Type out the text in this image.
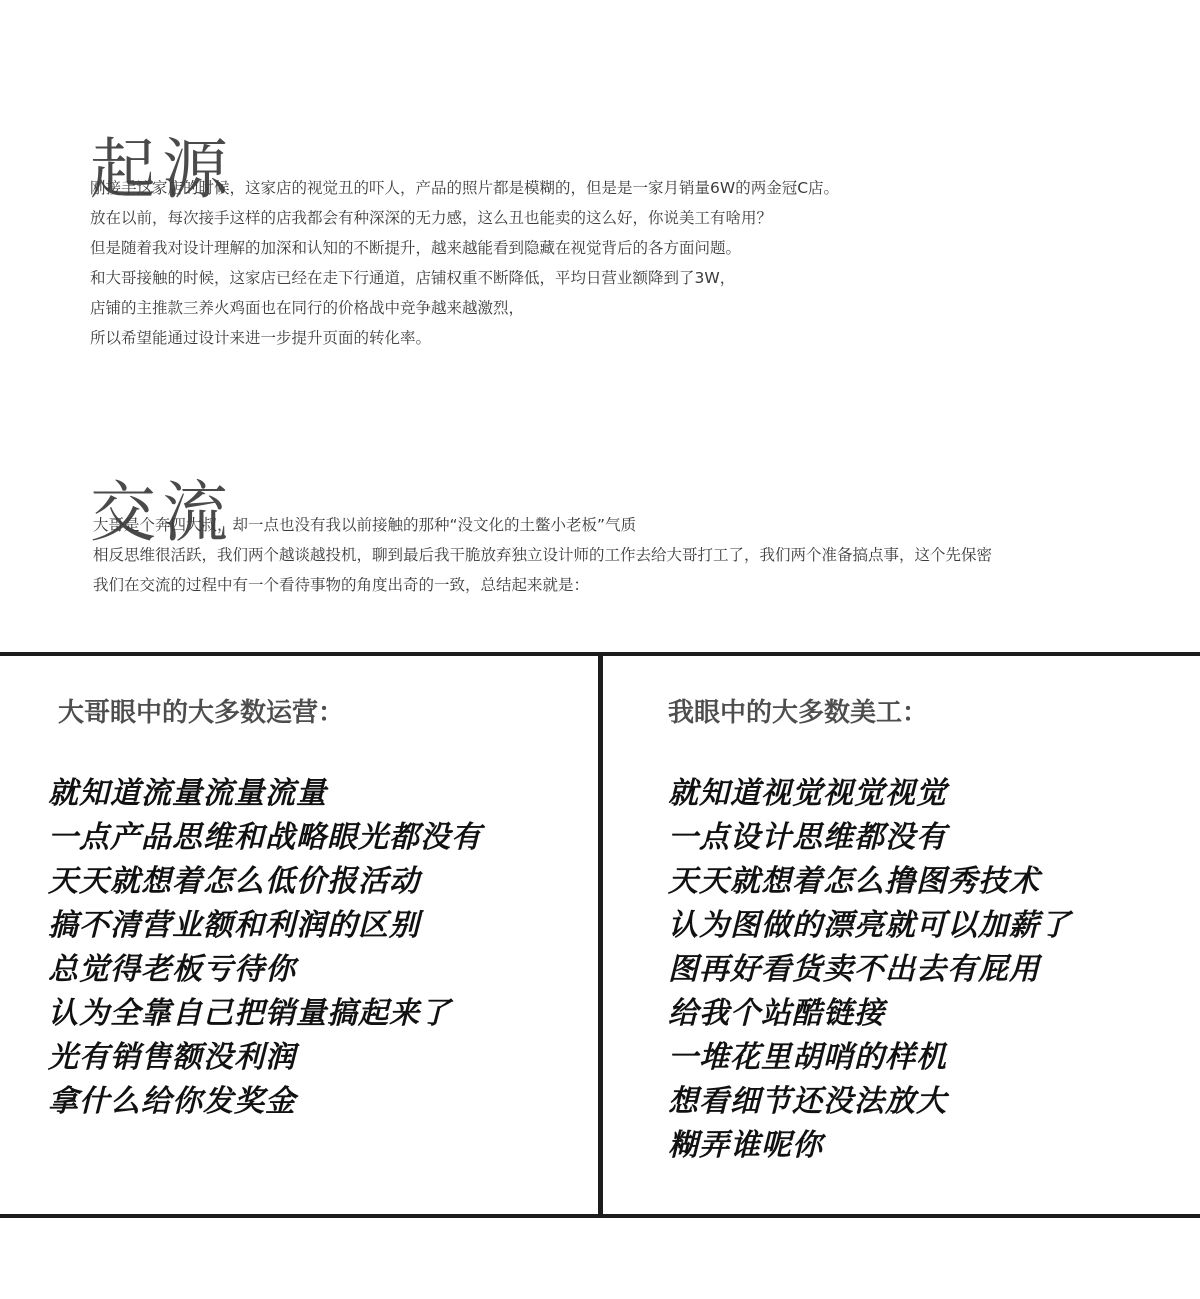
起源
刚接手这家店的时候，这家店的视觉丑的吓人，产品的照片都是模糊的，但是是一家月销量6W的两金冠C店。
放在以前，每次接手这样的店我都会有种深深的无力感，这么丑也能卖的这么好，你说美工有啥用？
但是随着我对设计理解的加深和认知的不断提升，越来越能看到隐藏在视觉背后的各方面问题。
和大哥接触的时候，这家店已经在走下行通道，店铺权重不断降低，平均日营业额降到了3W，
店铺的主推款三养火鸡面也在同行的价格战中竞争越来越激烈，
所以希望能通过设计来进一步提升页面的转化率。
交流
大哥是个奔四大叔，却一点也没有我以前接触的那种“没文化的土鳖小老板”气质
相反思维很活跃，我们两个越谈越投机，聊到最后我干脆放弃独立设计师的工作去给大哥打工了，我们两个准备搞点事，这个先保密
我们在交流的过程中有一个看待事物的角度出奇的一致，总结起来就是：
大哥眼中的大多数运营：
就知道流量流量流量
一点产品思维和战略眼光都没有
天天就想着怎么低价报活动
搞不清营业额和利润的区别
总觉得老板亏待你
认为全靠自己把销量搞起来了
光有销售额没利润
拿什么给你发奖金
我眼中的大多数美工：
就知道视觉视觉视觉
一点设计思维都没有
天天就想着怎么撸图秀技术
认为图做的漂亮就可以加薪了
图再好看货卖不出去有屁用
给我个站酷链接
一堆花里胡哨的样机
想看细节还没法放大
糊弄谁呢你
